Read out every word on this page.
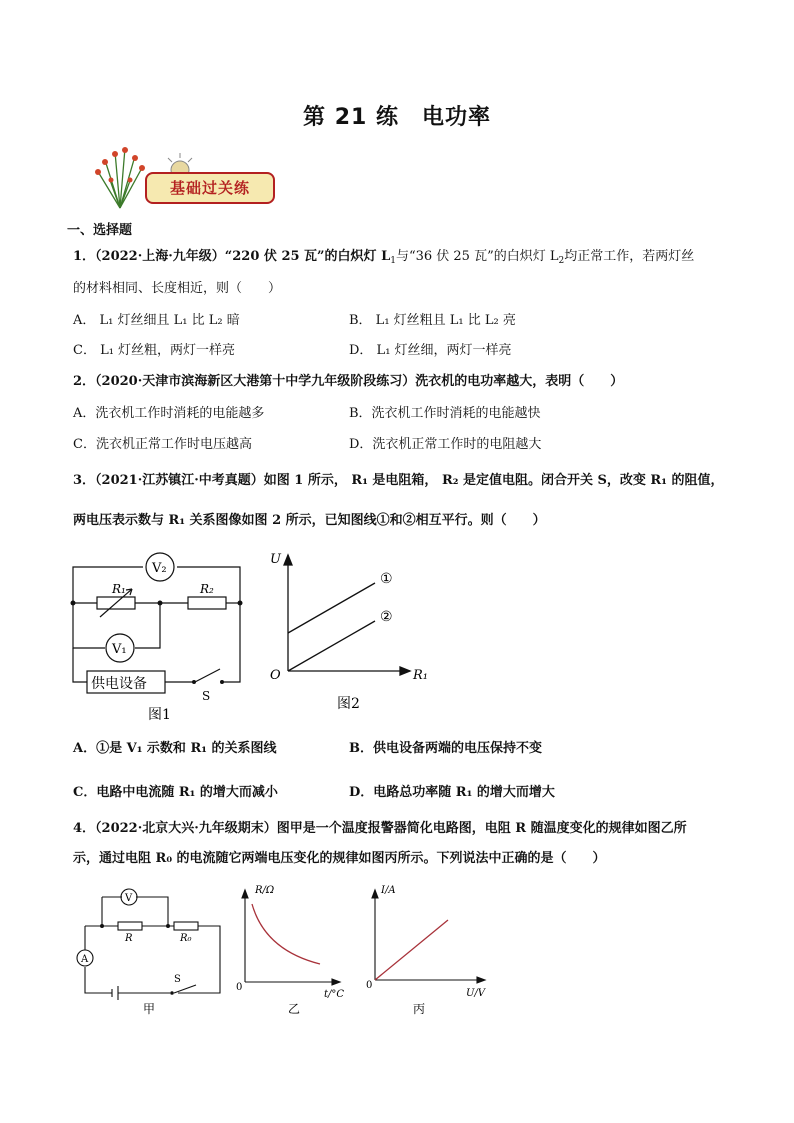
第 21 练　电功率
基础过关练
一、选择题
1．（2022·上海·九年级）“220 伏 25 瓦”的白炽灯 $L_1$与“36 伏 25 瓦”的白炽灯 $L_2$均正常工作，若两灯丝
的材料相同、长度相近，则（　　）
A． L₁ 灯丝细且 L₁ 比 L₂ 暗	B． L₁ 灯丝粗且 L₁ 比 L₂ 亮
C． L₁ 灯丝粗，两灯一样亮	D． L₁ 灯丝细，两灯一样亮
2．（2020·天津市滨海新区大港第十中学九年级阶段练习）洗衣机的电功率越大，表明（　　）
A．洗衣机工作时消耗的电能越多	B．洗衣机工作时消耗的电能越快
C．洗衣机正常工作时电压越高	D．洗衣机正常工作时的电阻越大
3．（2021·江苏镇江·中考真题）如图 1 所示， R₁ 是电阻箱， R₂ 是定值电阻。闭合开关 S，改变 R₁ 的阻值，
两电压表示数与 R₁ 关系图像如图 2 所示，已知图线①和②相互平行。则（　　）
V₂
R₁	R₂
V₁
供电设备
S
图1
U
R₁
O
①
②
图2
A．①是 V₁ 示数和 R₁ 的关系图线	B．供电设备两端的电压保持不变
C．电路中电流随 R₁ 的增大而减小	D．电路总功率随 R₁ 的增大而增大
4．（2022·北京大兴·九年级期末）图甲是一个温度报警器简化电路图，电阻 R 随温度变化的规律如图乙所
示，通过电阻 R₀ 的电流随它两端电压变化的规律如图丙所示。下列说法中正确的是（　　）
V
A
R	R₀
S
甲
R/Ω
t/°C
0
乙
I/A
U/V
0
丙
